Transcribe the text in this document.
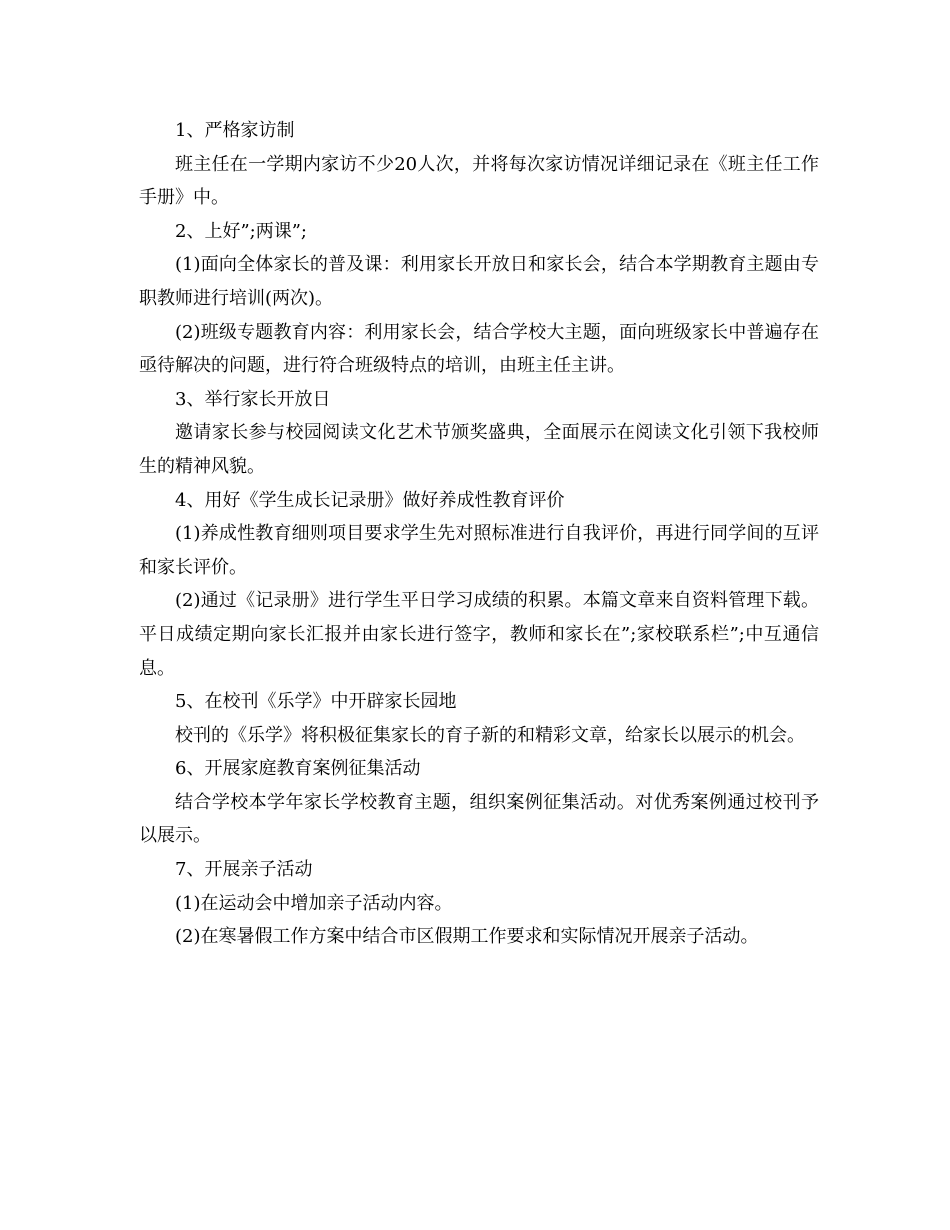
1、严格家访制

班主任在一学期内家访不少20人次，并将每次家访情况详细记录在《班主任工作手册》中。

2、上好”;两课”;

(1)面向全体家长的普及课：利用家长开放日和家长会，结合本学期教育主题由专职教师进行培训(两次)。

(2)班级专题教育内容：利用家长会，结合学校大主题，面向班级家长中普遍存在亟待解决的问题，进行符合班级特点的培训，由班主任主讲。

3、举行家长开放日

邀请家长参与校园阅读文化艺术节颁奖盛典，全面展示在阅读文化引领下我校师生的精神风貌。

4、用好《学生成长记录册》做好养成性教育评价

(1)养成性教育细则项目要求学生先对照标准进行自我评价，再进行同学间的互评和家长评价。

(2)通过《记录册》进行学生平日学习成绩的积累。本篇文章来自资料管理下载。平日成绩定期向家长汇报并由家长进行签字，教师和家长在”;家校联系栏”;中互通信息。

5、在校刊《乐学》中开辟家长园地

校刊的《乐学》将积极征集家长的育子新的和精彩文章，给家长以展示的机会。

6、开展家庭教育案例征集活动

结合学校本学年家长学校教育主题，组织案例征集活动。对优秀案例通过校刊予以展示。

7、开展亲子活动

(1)在运动会中增加亲子活动内容。

(2)在寒暑假工作方案中结合市区假期工作要求和实际情况开展亲子活动。
